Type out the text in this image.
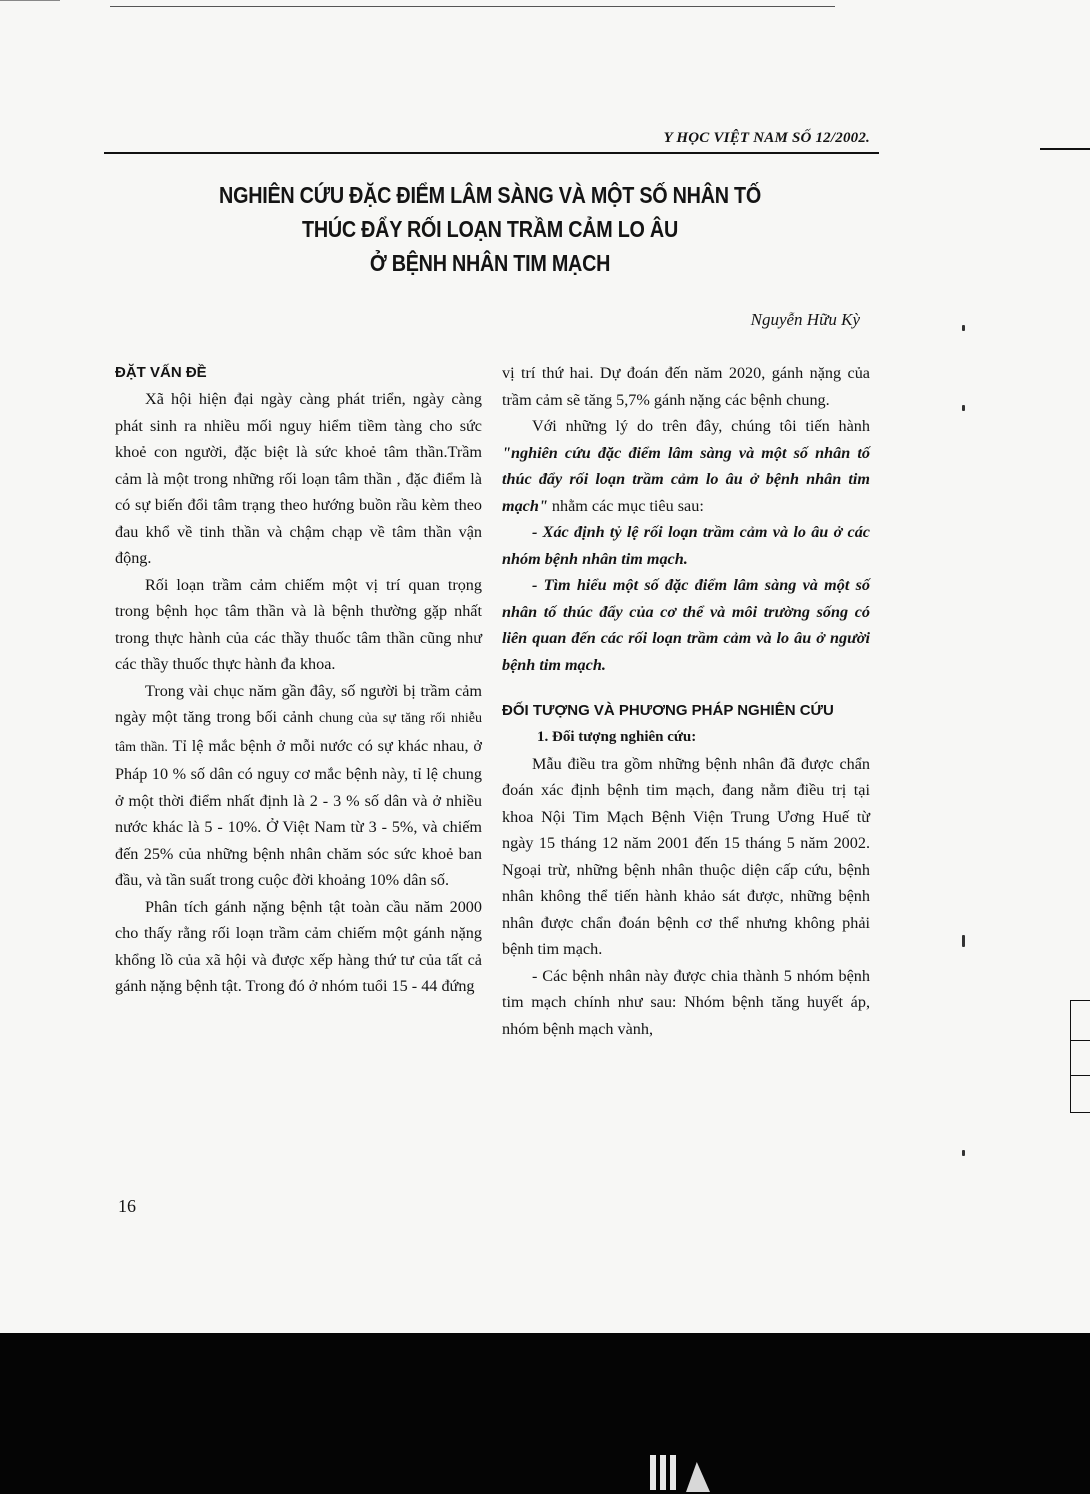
Y HỌC VIỆT NAM SỐ 12/2002.
NGHIÊN CỨU ĐẶC ĐIỂM LÂM SÀNG VÀ MỘT SỐ NHÂN TỐ
THÚC ĐẨY RỐI LOẠN TRẦM CẢM LO ÂU
Ở BỆNH NHÂN TIM MẠCH
Nguyễn Hữu Kỳ
ĐẶT VẤN ĐỀ

Xã hội hiện đại ngày càng phát triển, ngày càng phát sinh ra nhiều mối nguy hiểm tiềm tàng cho sức khoẻ con người, đặc biệt là sức khoẻ tâm thần.Trầm cảm là một trong những rối loạn tâm thần , đặc điểm là có sự biến đổi tâm trạng theo hướng buồn rầu kèm theo đau khổ về tinh thần và chậm chạp về tâm thần vận động.

Rối loạn trầm cảm chiếm một vị trí quan trọng trong bệnh học tâm thần và là bệnh thường gặp nhất trong thực hành của các thầy thuốc tâm thần cũng như các thầy thuốc thực hành đa khoa.

Trong vài chục năm gần đây, số người bị trầm cảm ngày một tăng trong bối cảnh chung của sự tăng rối nhiễu tâm thần. Tỉ lệ mắc bệnh ở mỗi nước có sự khác nhau, ở Pháp 10 % số dân có nguy cơ mắc bệnh này, tỉ lệ chung ở một thời điểm nhất định là 2 - 3 % số dân và ở nhiều nước khác là 5 - 10%. Ở Việt Nam từ 3 - 5%, và chiếm đến 25% của những bệnh nhân chăm sóc sức khoẻ ban đầu, và tần suất trong cuộc đời khoảng 10% dân số.

Phân tích gánh nặng bệnh tật toàn cầu năm 2000 cho thấy rằng rối loạn trầm cảm chiếm một gánh nặng khổng lồ của xã hội và được xếp hàng thứ tư của tất cả gánh nặng bệnh tật. Trong đó ở nhóm tuổi 15 - 44 đứng

vị trí thứ hai. Dự đoán đến năm 2020, gánh nặng của trầm cảm sẽ tăng 5,7% gánh nặng các bệnh chung.

Với những lý do trên đây, chúng tôi tiến hành "nghiên cứu đặc điểm lâm sàng và một số nhân tố thúc đẩy rối loạn trầm cảm lo âu ở bệnh nhân tim mạch" nhằm các mục tiêu sau:

- Xác định tỷ lệ rối loạn trầm cảm và lo âu ở các nhóm bệnh nhân tim mạch.

- Tìm hiểu một số đặc điểm lâm sàng và một số nhân tố thúc đẩy của cơ thể và môi trường sống có liên quan đến các rối loạn trầm cảm và lo âu ở người bệnh tim mạch.

ĐỐI TƯỢNG VÀ PHƯƠNG PHÁP NGHIÊN CỨU

1. Đối tượng nghiên cứu:

Mẫu điều tra gồm những bệnh nhân đã được chẩn đoán xác định bệnh tim mạch, đang nằm điều trị tại khoa Nội Tim Mạch Bệnh Viện Trung Ương Huế từ ngày 15 tháng 12 năm 2001 đến 15 tháng 5 năm 2002. Ngoại trừ, những bệnh nhân thuộc diện cấp cứu, bệnh nhân không thể tiến hành khảo sát được, những bệnh nhân được chẩn đoán bệnh cơ thể nhưng không phải bệnh tim mạch.

- Các bệnh nhân này được chia thành 5 nhóm bệnh tim mạch chính như sau: Nhóm bệnh tăng huyết áp, nhóm bệnh mạch vành,

16
